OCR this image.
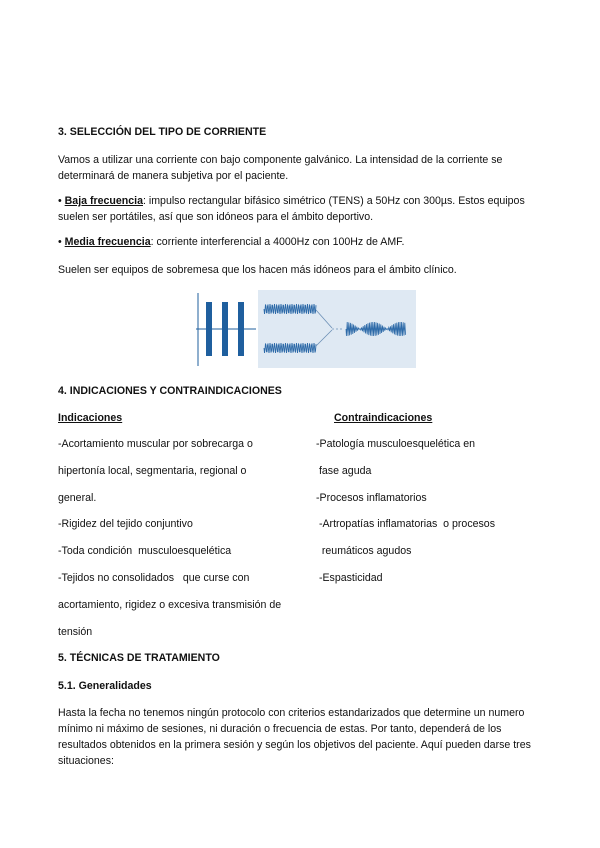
3. SELECCIÓN DEL TIPO DE CORRIENTE
Vamos a utilizar una corriente con bajo componente galvánico. La intensidad de la corriente se determinará de manera subjetiva por el paciente.
• Baja frecuencia: impulso rectangular bifásico simétrico (TENS) a 50Hz con 300µs. Estos equipos suelen ser portátiles, así que son idóneos para el ámbito deportivo.
• Media frecuencia: corriente interferencial a 4000Hz con 100Hz de AMF.
Suelen ser equipos de sobremesa que los hacen más idóneos para el ámbito clínico.
4. INDICACIONES Y CONTRAINDICACIONES
Indicaciones	Contraindicaciones
5. TÉCNICAS DE TRATAMIENTO
5.1. Generalidades
Hasta la fecha no tenemos ningún protocolo con criterios estandarizados que determine un numero mínimo ni máximo de sesiones, ni duración o frecuencia de estas. Por tanto, dependerá de los resultados obtenidos en la primera sesión y según los objetivos del paciente. Aquí pueden darse tres situaciones:
-Acortamiento muscular por sobrecarga o
hipertonía local, segmentaria, regional o
general.
-Rigidez del tejido conjuntivo
-Toda condición  musculoesquelética
-Tejidos no consolidados   que curse con
acortamiento, rigidez o excesiva transmisión de
tensión
-Patología musculoesquelética en
fase aguda
-Procesos inflamatorios
-Artropatías inflamatorias  o procesos
reumáticos agudos
-Espasticidad
